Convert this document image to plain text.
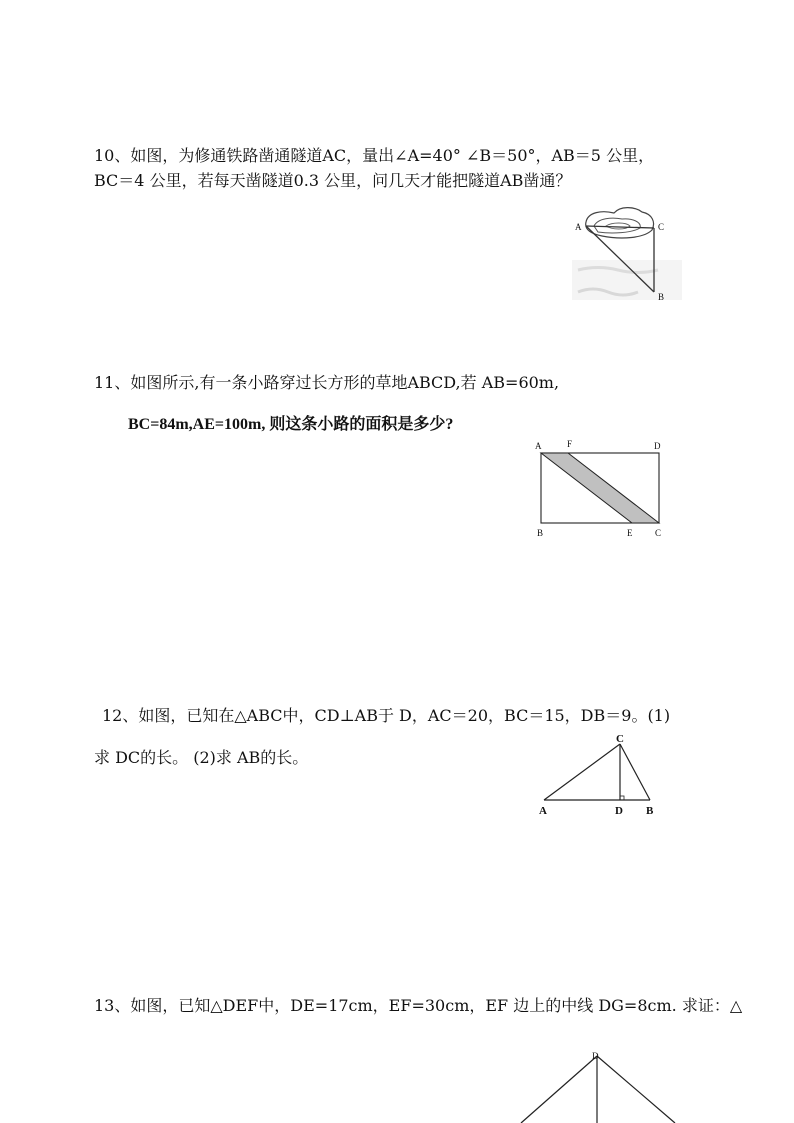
10、如图，为修通铁路凿通隧道AC，量出∠A=40° ∠B＝50°，AB＝5 公里，
BC＝4 公里，若每天凿隧道0.3 公里，问几天才能把隧道AB凿通？
A	C
B
11、如图所示,有一条小路穿过长方形的草地ABCD,若 AB=60m,
BC=84m,AE=100m, 则这条小路的面积是多少?
A	F	D
B	E	C
12、如图，已知在△ABC中，CD⊥AB于 D，AC＝20，BC＝15，DB＝9。(1)
求 DC的长。 (2)求 AB的长。
C
A	D B
13、如图，已知△DEF中，DE=17cm，EF=30cm，EF 边上的中线 DG=8cm. 求证：△
D
